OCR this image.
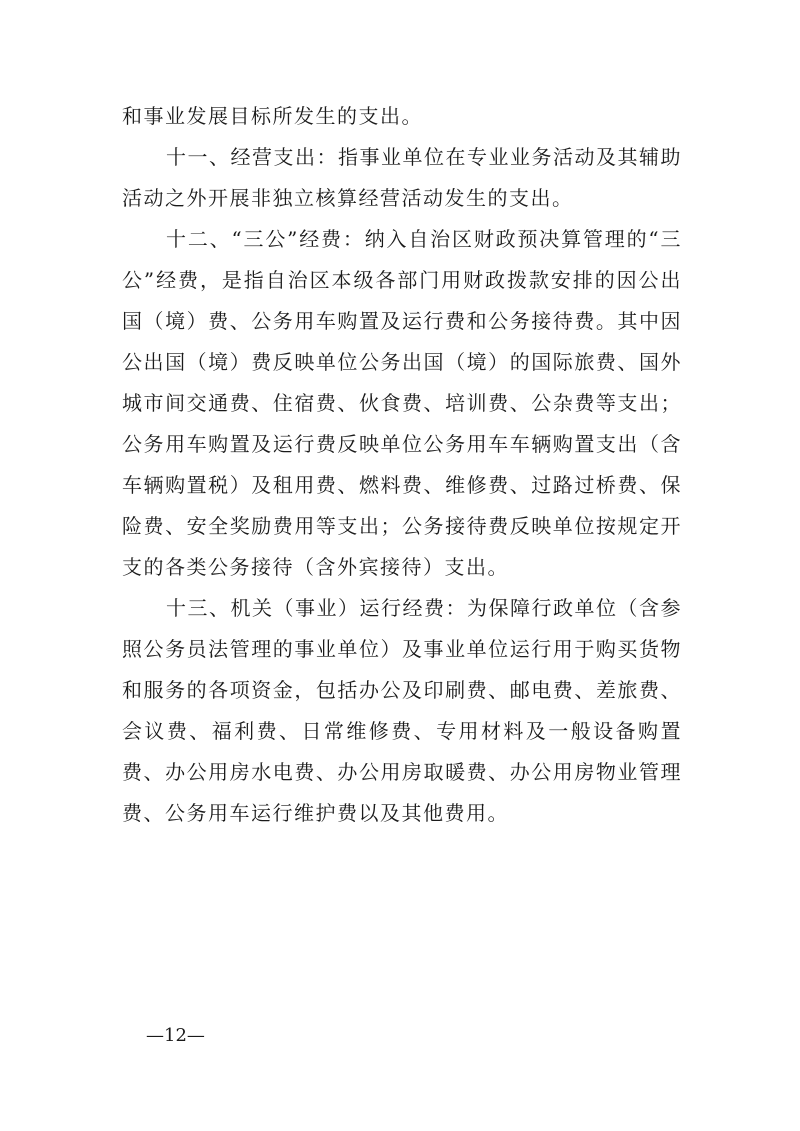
和事业发展目标所发生的支出。

十一、经营支出：指事业单位在专业业务活动及其辅助活动之外开展非独立核算经营活动发生的支出。

十二、“三公”经费：纳入自治区财政预决算管理的“三公”经费，是指自治区本级各部门用财政拨款安排的因公出国（境）费、公务用车购置及运行费和公务接待费。其中因公出国（境）费反映单位公务出国（境）的国际旅费、国外城市间交通费、住宿费、伙食费、培训费、公杂费等支出；公务用车购置及运行费反映单位公务用车车辆购置支出（含车辆购置税）及租用费、燃料费、维修费、过路过桥费、保险费、安全奖励费用等支出；公务接待费反映单位按规定开支的各类公务接待（含外宾接待）支出。

十三、机关（事业）运行经费：为保障行政单位（含参照公务员法管理的事业单位）及事业单位运行用于购买货物和服务的各项资金，包括办公及印刷费、邮电费、差旅费、会议费、福利费、日常维修费、专用材料及一般设备购置费、办公用房水电费、办公用房取暖费、办公用房物业管理费、公务用车运行维护费以及其他费用。

—12—
